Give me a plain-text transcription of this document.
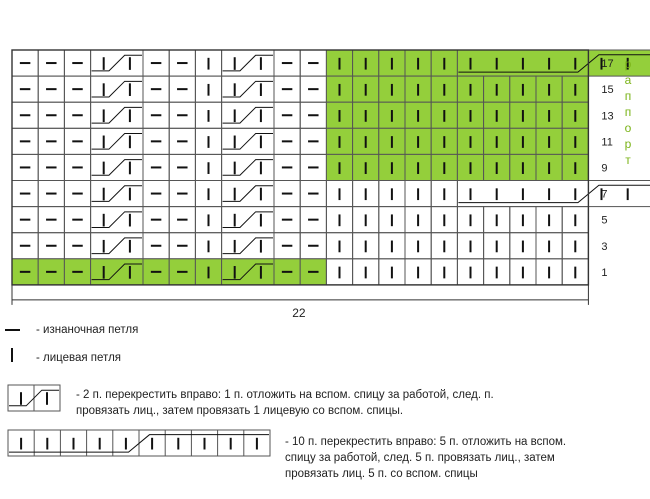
17
15
13
11
9
7
5
3
1
р
а
п
п
о
р
т
22
- изнаночная петля
- лицевая петля
- 2 п. перекрестить вправо: 1 п. отложить на вспом. спицу за работой, след. п.
провязать лиц., затем провязать 1 лицевую со вспом. спицы.
- 10 п. перекрестить вправо: 5 п. отложить на вспом.
спицу за работой, след. 5 п. провязать лиц., затем
провязать лиц. 5 п. со вспом. спицы
